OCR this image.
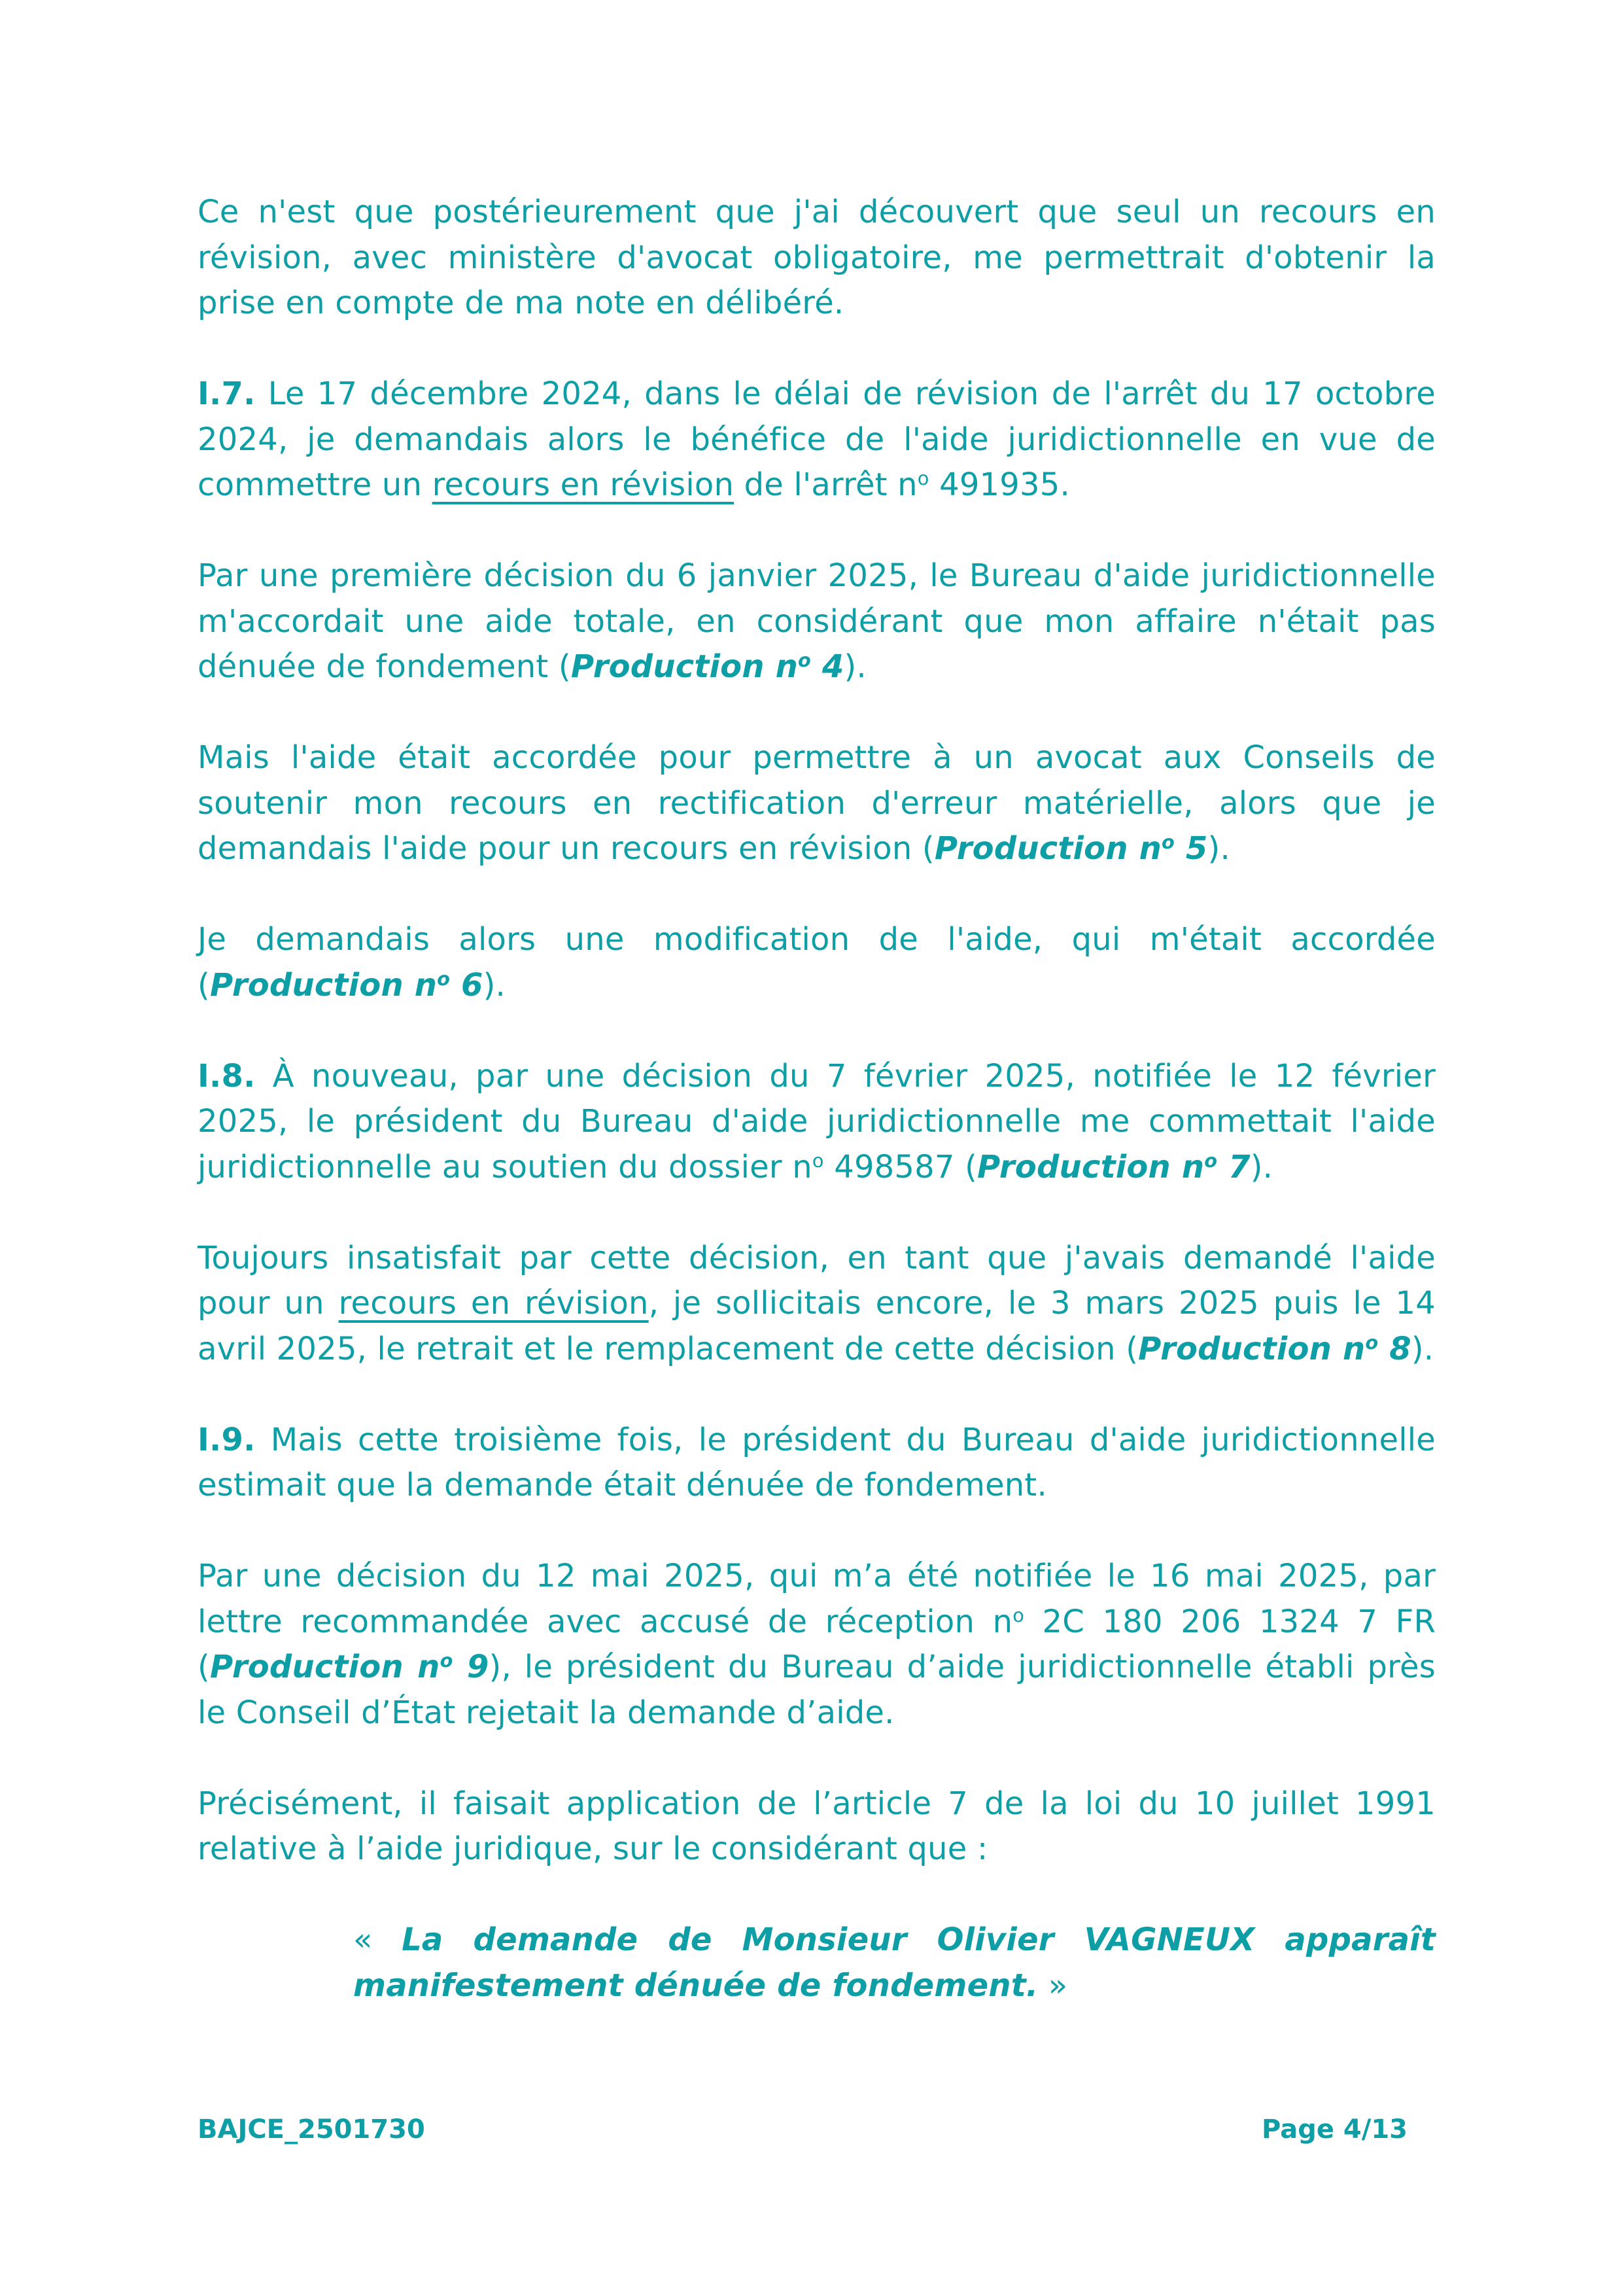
Ce n'est que postérieurement que j'ai découvert que seul un recours en révision, avec ministère d'avocat obligatoire, me permettrait d'obtenir la prise en compte de ma note en délibéré.

I.7. Le 17 décembre 2024, dans le délai de révision de l'arrêt du 17 octobre 2024, je demandais alors le bénéfice de l'aide juridictionnelle en vue de commettre un recours en révision de l'arrêt $n^o$ 491935.

Par une première décision du 6 janvier 2025, le Bureau d'aide juridictionnelle m'accordait une aide totale, en considérant que mon affaire n'était pas dénuée de fondement (Production $n^o$ 4).

Mais l'aide était accordée pour permettre à un avocat aux Conseils de soutenir mon recours en rectification d'erreur matérielle, alors que je demandais l'aide pour un recours en révision (Production $n^o$ 5).

Je demandais alors une modification de l'aide, qui m'était accordée (Production $n^o$ 6).

I.8. À nouveau, par une décision du 7 février 2025, notifiée le 12 février 2025, le président du Bureau d'aide juridictionnelle me commettait l'aide juridictionnelle au soutien du dossier $n^o$ 498587 (Production $n^o$ 7).

Toujours insatisfait par cette décision, en tant que j'avais demandé l'aide pour un recours en révision, je sollicitais encore, le 3 mars 2025 puis le 14 avril 2025, le retrait et le remplacement de cette décision (Production $n^o$ 8).

I.9. Mais cette troisième fois, le président du Bureau d'aide juridictionnelle estimait que la demande était dénuée de fondement.

Par une décision du 12 mai 2025, qui m’a été notifiée le 16 mai 2025, par lettre recommandée avec accusé de réception $n^o$ 2C 180 206 1324 7 FR (Production $n^o$ 9), le président du Bureau d’aide juridictionnelle établi près le Conseil d’État rejetait la demande d’aide.

Précisément, il faisait application de l’article 7 de la loi du 10 juillet 1991 relative à l’aide juridique, sur le considérant que :

« La demande de Monsieur Olivier VAGNEUX apparaît manifestement dénuée de fondement. »

BAJCE_2501730	Page 4/13
